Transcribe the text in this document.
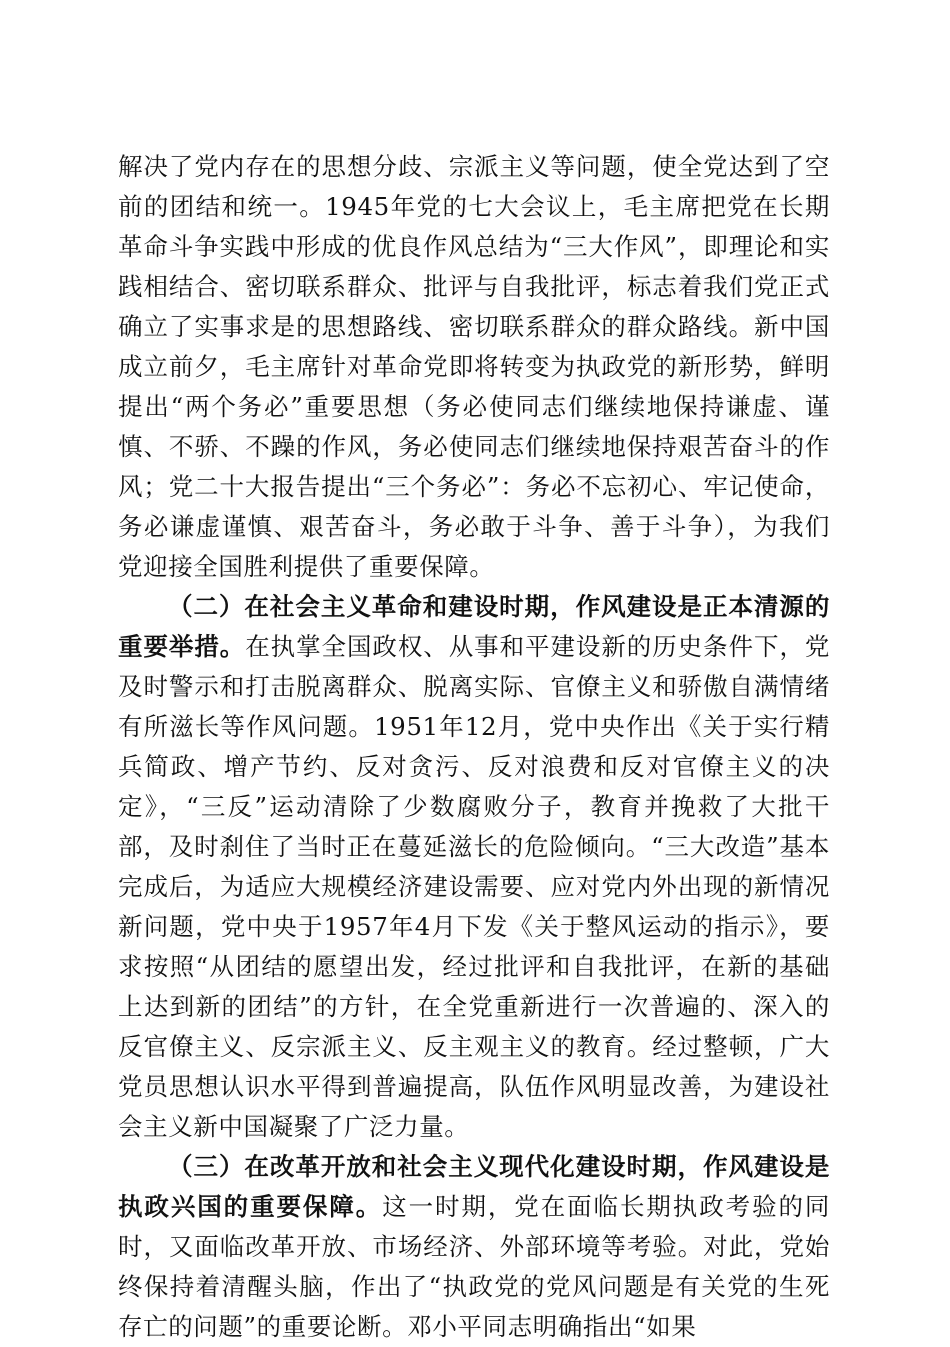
解决了党内存在的思想分歧、宗派主义等问题，使全党达到了空前的团结和统一。1945年党的七大会议上，毛主席把党在长期革命斗争实践中形成的优良作风总结为“三大作风”，即理论和实践相结合、密切联系群众、批评与自我批评，标志着我们党正式确立了实事求是的思想路线、密切联系群众的群众路线。新中国成立前夕，毛主席针对革命党即将转变为执政党的新形势，鲜明提出“两个务必”重要思想（务必使同志们继续地保持谦虚、谨慎、不骄、不躁的作风，务必使同志们继续地保持艰苦奋斗的作风；党二十大报告提出“三个务必”：务必不忘初心、牢记使命，务必谦虚谨慎、艰苦奋斗，务必敢于斗争、善于斗争），为我们党迎接全国胜利提供了重要保障。

（二）在社会主义革命和建设时期，作风建设是正本清源的重要举措。在执掌全国政权、从事和平建设新的历史条件下，党及时警示和打击脱离群众、脱离实际、官僚主义和骄傲自满情绪有所滋长等作风问题。1951年12月，党中央作出《关于实行精兵简政、增产节约、反对贪污、反对浪费和反对官僚主义的决定》，“三反”运动清除了少数腐败分子，教育并挽救了大批干部，及时刹住了当时正在蔓延滋长的危险倾向。“三大改造”基本完成后，为适应大规模经济建设需要、应对党内外出现的新情况新问题，党中央于1957年4月下发《关于整风运动的指示》，要求按照“从团结的愿望出发，经过批评和自我批评，在新的基础上达到新的团结”的方针，在全党重新进行一次普遍的、深入的反官僚主义、反宗派主义、反主观主义的教育。经过整顿，广大党员思想认识水平得到普遍提高，队伍作风明显改善，为建设社会主义新中国凝聚了广泛力量。

（三）在改革开放和社会主义现代化建设时期，作风建设是执政兴国的重要保障。这一时期，党在面临长期执政考验的同时，又面临改革开放、市场经济、外部环境等考验。对此，党始终保持着清醒头脑，作出了“执政党的党风问题是有关党的生死存亡的问题”的重要论断。邓小平同志明确指出“如果
